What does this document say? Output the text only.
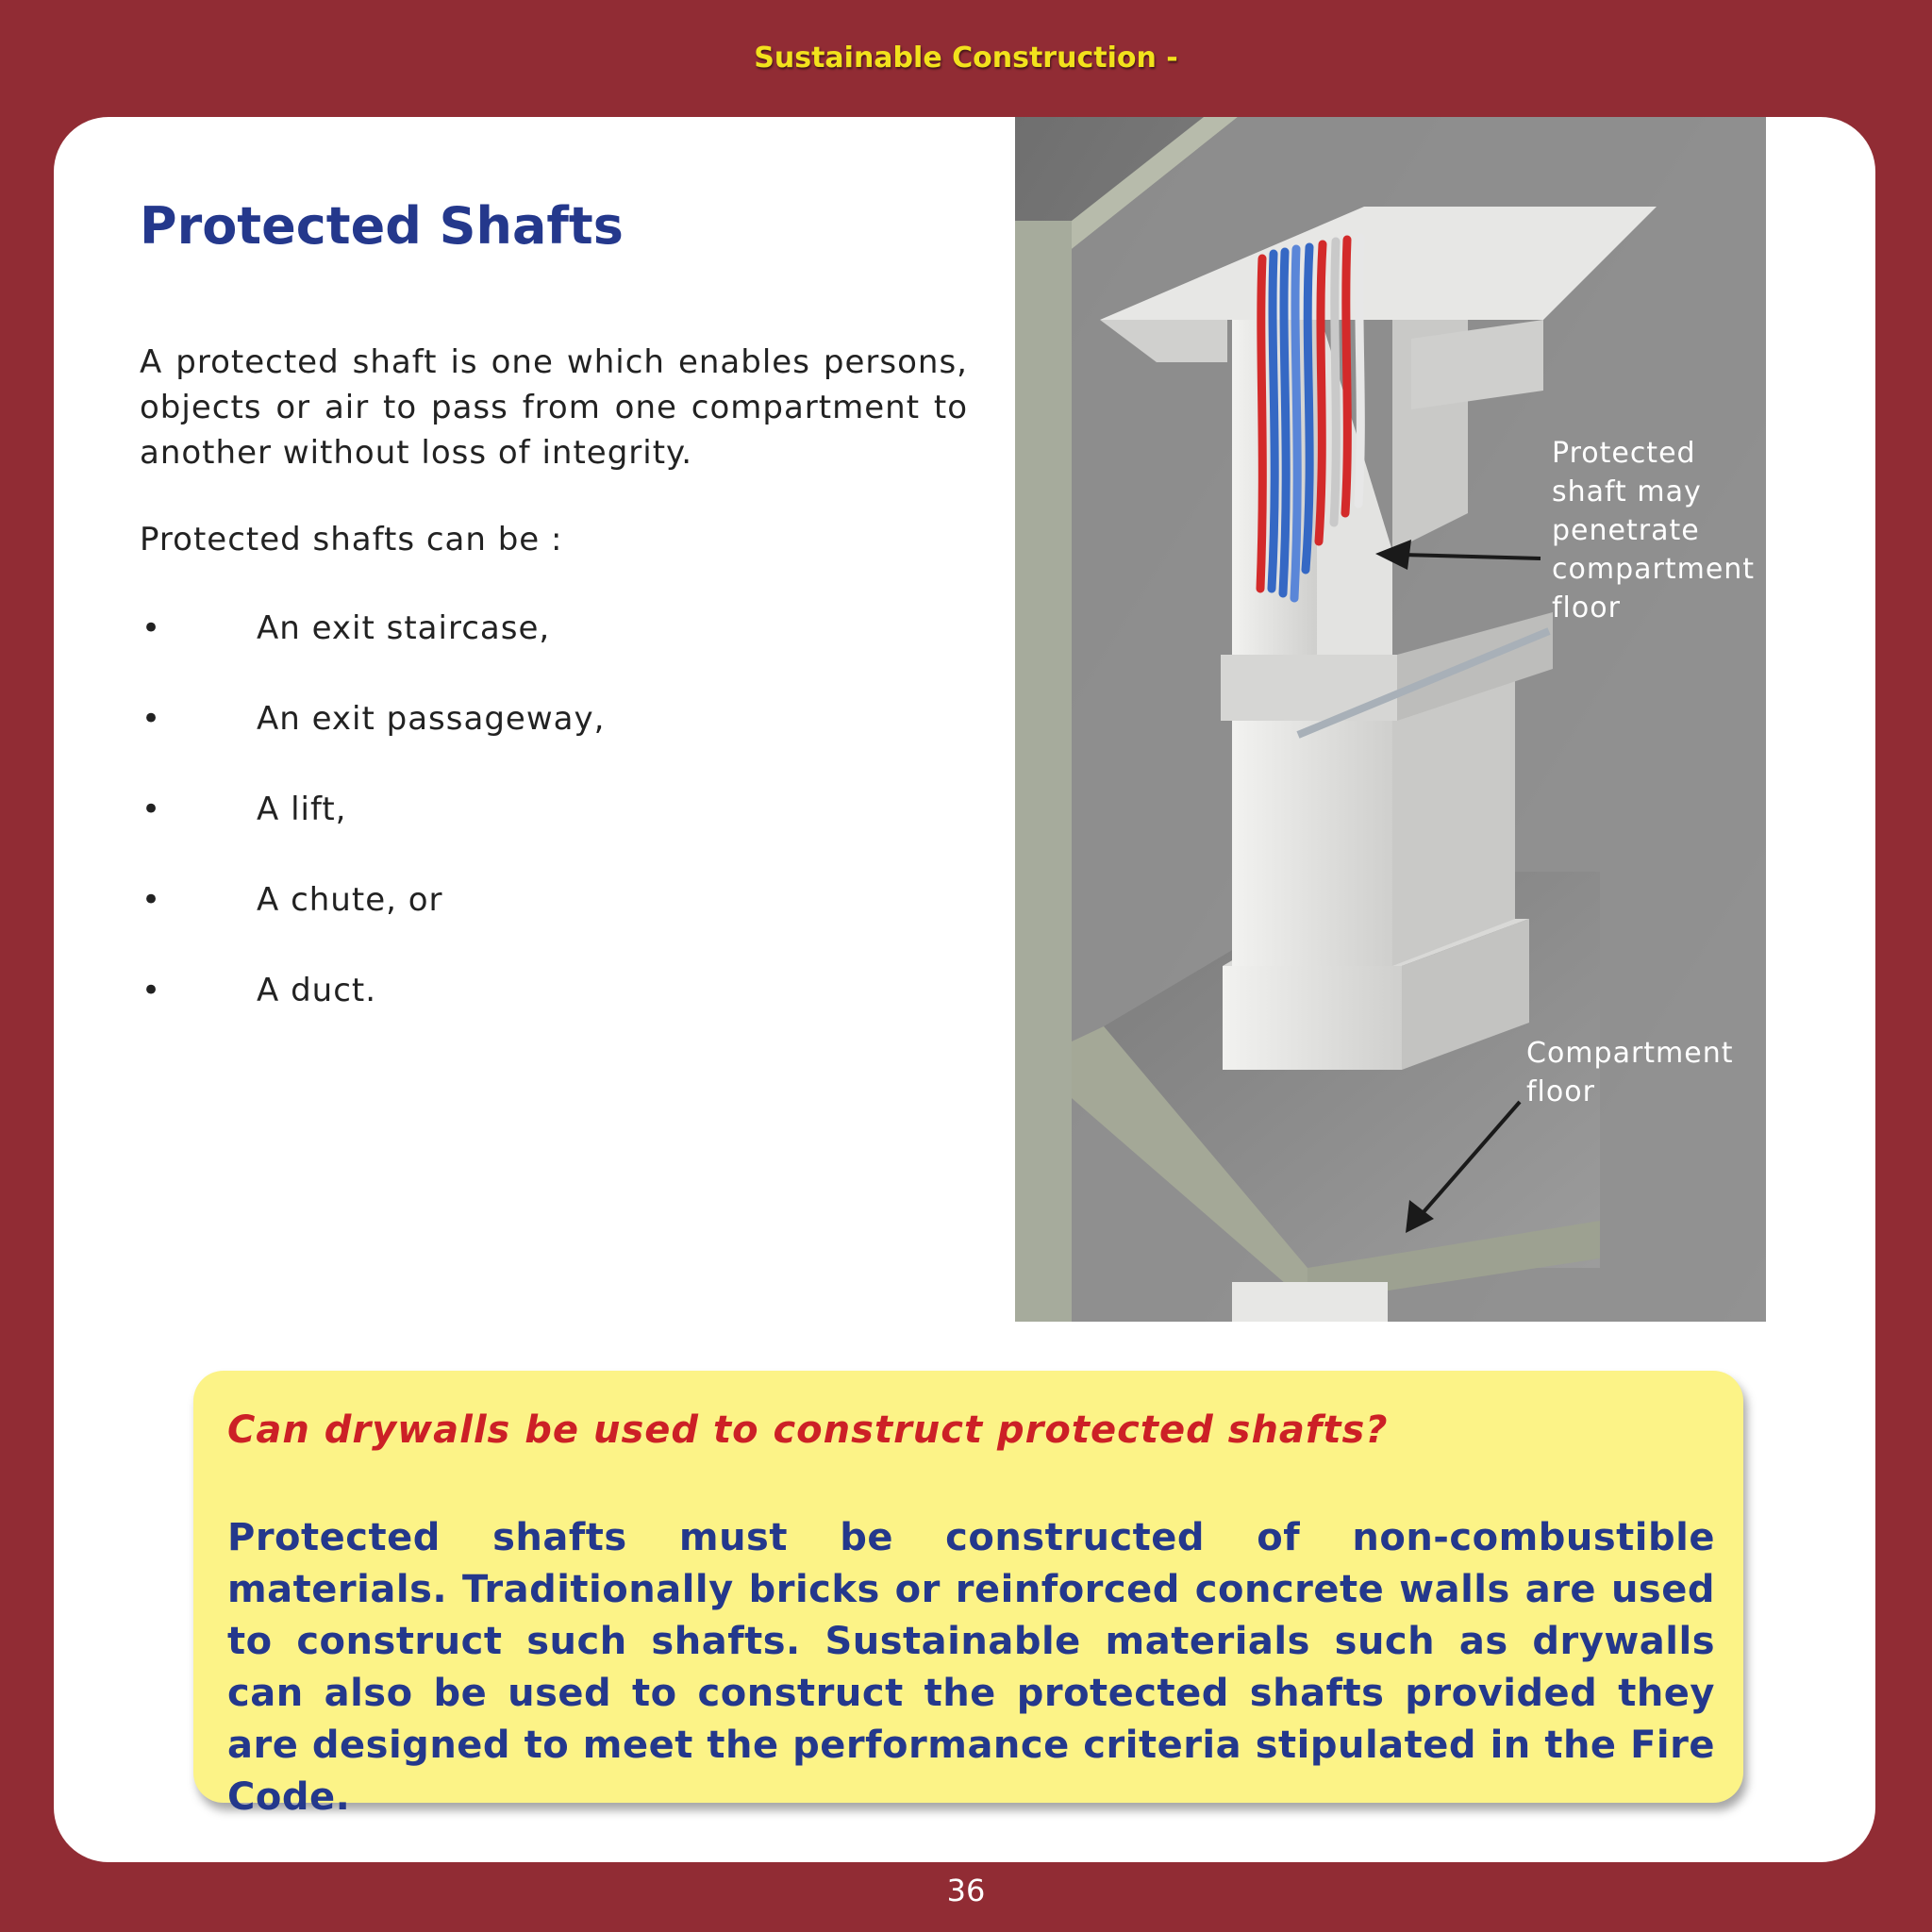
Sustainable Construction -
Protected Shafts
A protected shaft is one which enables persons, objects or air to pass from one compartment to another without loss of integrity.
Protected shafts can be :
•	An exit staircase,
•	An exit passageway,
•	A lift,
•	A chute, or
•	A duct.
Protected
shaft may
penetrate
compartment
floor
Compartment
floor
Can drywalls be used to construct protected shafts?

Protected shafts must be constructed of non-combustible materials. Traditionally bricks or reinforced concrete walls are used to construct such shafts. Sustainable materials such as drywalls can also be used to construct the protected shafts provided they are designed to meet the performance criteria stipulated in the Fire Code.

36
